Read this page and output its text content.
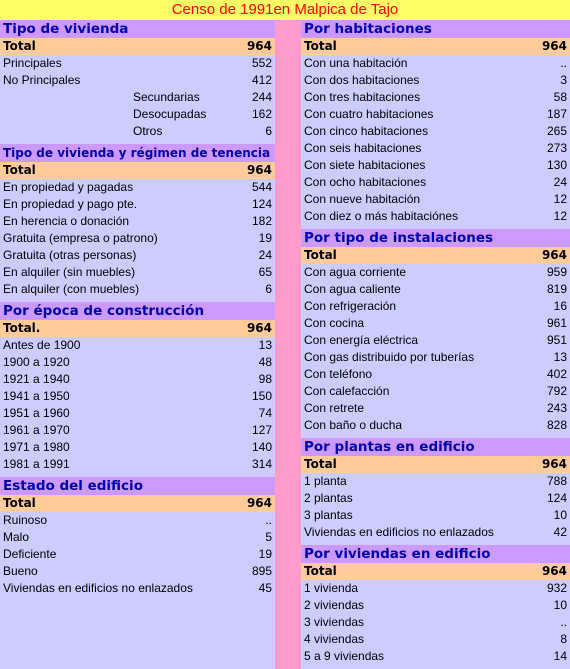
Censo de 1991en Malpica de Tajo
Tipo de vivienda
Total	964
Principales	552
No Principales	412
Secundarias	244
Desocupadas	162
Otros	6
Tipo de vivienda y régimen de tenencia
Total	964
En propiedad y pagadas	544
En propiedad y pago pte.	124
En herencia o donación	182
Gratuita (empresa o patrono)	19
Gratuita (otras personas)	24
En alquiler (sin muebles)	65
En alquiler (con muebles)	6
Por época de construcción
Total.	964
Antes de 1900	13
1900 a 1920	48
1921 a 1940	98
1941 a 1950	150
1951 a 1960	74
1961 a 1970	127
1971 a 1980	140
1981 a 1991	314
Estado del edificio
Total	964
Ruinoso	..
Malo	5
Deficiente	19
Bueno	895
Viviendas en edificios no enlazados	45
Por habitaciones
Total	964
Con una habitación	..
Con dos habitaciones	3
Con tres habitaciones	58
Con cuatro habitaciones	187
Con cinco habitaciones	265
Con seis habitaciones	273
Con siete habitaciones	130
Con ocho habitaciones	24
Con nueve habitación	12
Con diez o más habitaciónes	12
Por tipo de instalaciones
Total	964
Con agua corriente	959
Con agua caliente	819
Con refrigeración	16
Con cocina	961
Con energía eléctrica	951
Con gas distribuido por tuberías	13
Con teléfono	402
Con calefacción	792
Con retrete	243
Con baño o ducha	828
Por plantas en edificio
Total	964
1 planta	788
2 plantas	124
3 plantas	10
Viviendas en edificios no enlazados	42
Por viviendas en edificio
Total	964
1 vivienda	932
2 viviendas	10
3 viviendas	..
4 viviendas	8
5 a 9 viviendas	14
